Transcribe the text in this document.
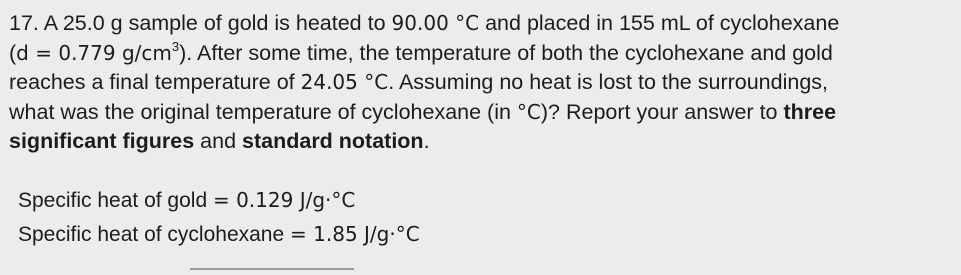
17. A 25.0 g sample of gold is heated to 90.00 °C and placed in 155 mL of cyclohexane
(d = 0.779 $g/cm^3$). After some time, the temperature of both the cyclohexane and gold
reaches a final temperature of 24.05 °C. Assuming no heat is lost to the surroundings,
what was the original temperature of cyclohexane (in °C)? Report your answer to three
significant figures and standard notation.
Specific heat of gold = 0.129 J/g·°C
Specific heat of cyclohexane = 1.85 J/g·°C
